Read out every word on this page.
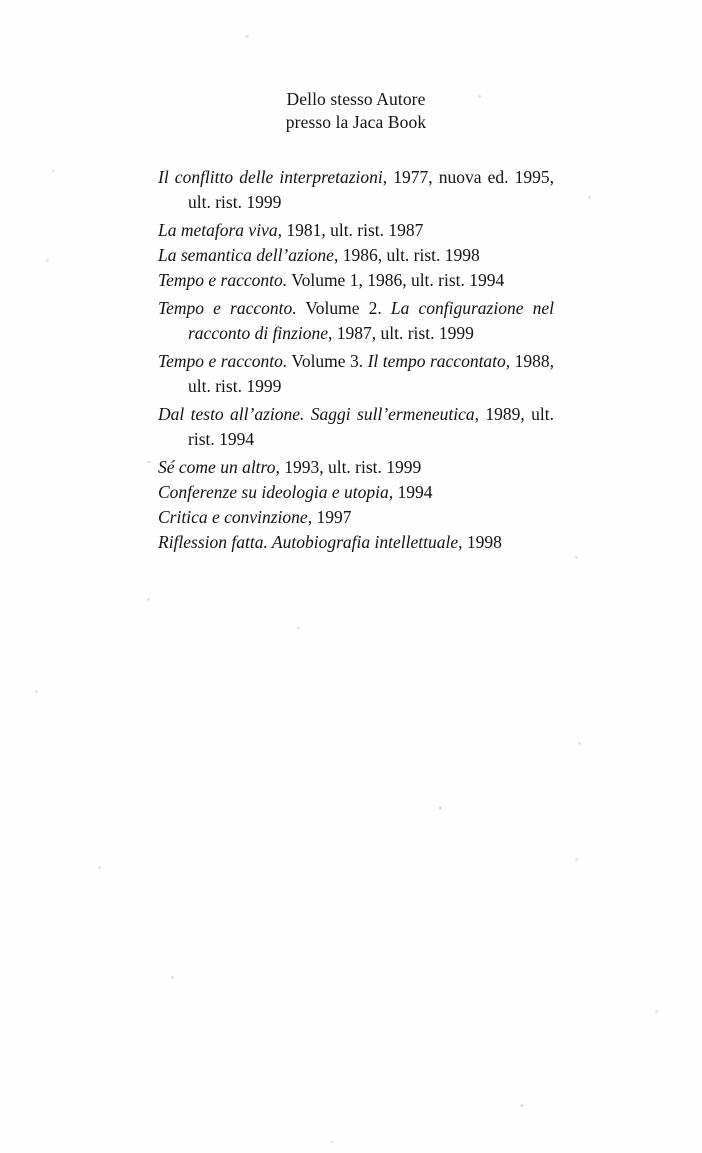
Dello stesso Autore
presso la Jaca Book
Il conflitto delle interpretazioni, 1977, nuova ed. 1995, ult. rist. 1999
La metafora viva, 1981, ult. rist. 1987
La semantica dell’azione, 1986, ult. rist. 1998
Tempo e racconto. Volume 1, 1986, ult. rist. 1994
Tempo e racconto. Volume 2. La configurazione nel racconto di finzione, 1987, ult. rist. 1999
Tempo e racconto. Volume 3. Il tempo raccontato, 1988, ult. rist. 1999
Dal testo all’azione. Saggi sull’ermeneutica, 1989, ult. rist. 1994
Sé come un altro, 1993, ult. rist. 1999
Conferenze su ideologia e utopia, 1994
Critica e convinzione, 1997
Riflession fatta. Autobiografia intellettuale, 1998
